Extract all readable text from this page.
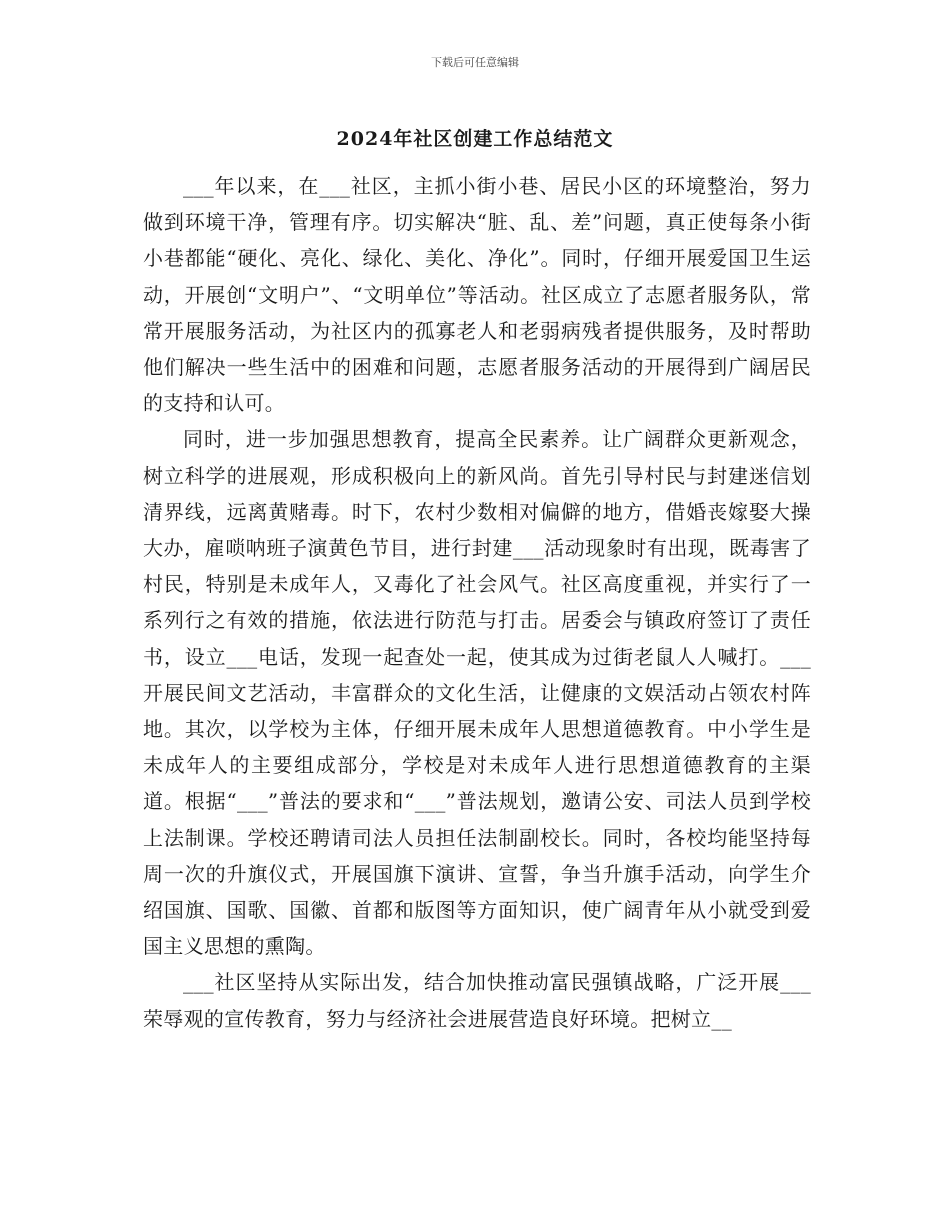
下载后可任意编辑
2024年社区创建工作总结范文

___年以来，在___社区，主抓小街小巷、居民小区的环境整治，努力做到环境干净，管理有序。切实解决“脏、乱、差”问题，真正使每条小街小巷都能“硬化、亮化、绿化、美化、净化”。同时，仔细开展爱国卫生运动，开展创“文明户”、“文明单位”等活动。社区成立了志愿者服务队，常常开展服务活动，为社区内的孤寡老人和老弱病残者提供服务，及时帮助他们解决一些生活中的困难和问题，志愿者服务活动的开展得到广阔居民的支持和认可。

同时，进一步加强思想教育，提高全民素养。让广阔群众更新观念，树立科学的进展观，形成积极向上的新风尚。首先引导村民与封建迷信划清界线，远离黄赌毒。时下，农村少数相对偏僻的地方，借婚丧嫁娶大操大办，雇唢呐班子演黄色节目，进行封建___活动现象时有出现，既毒害了村民，特别是未成年人，又毒化了社会风气。社区高度重视，并实行了一系列行之有效的措施，依法进行防范与打击。居委会与镇政府签订了责任书，设立___电话，发现一起查处一起，使其成为过街老鼠人人喊打。___开展民间文艺活动，丰富群众的文化生活，让健康的文娱活动占领农村阵地。其次，以学校为主体，仔细开展未成年人思想道德教育。中小学生是未成年人的主要组成部分，学校是对未成年人进行思想道德教育的主渠道。根据“___”普法的要求和“___”普法规划，邀请公安、司法人员到学校上法制课。学校还聘请司法人员担任法制副校长。同时，各校均能坚持每周一次的升旗仪式，开展国旗下演讲、宣誓，争当升旗手活动，向学生介绍国旗、国歌、国徽、首都和版图等方面知识，使广阔青年从小就受到爱国主义思想的熏陶。

___社区坚持从实际出发，结合加快推动富民强镇战略，广泛开展___荣辱观的宣传教育，努力与经济社会进展营造良好环境。把树立__
